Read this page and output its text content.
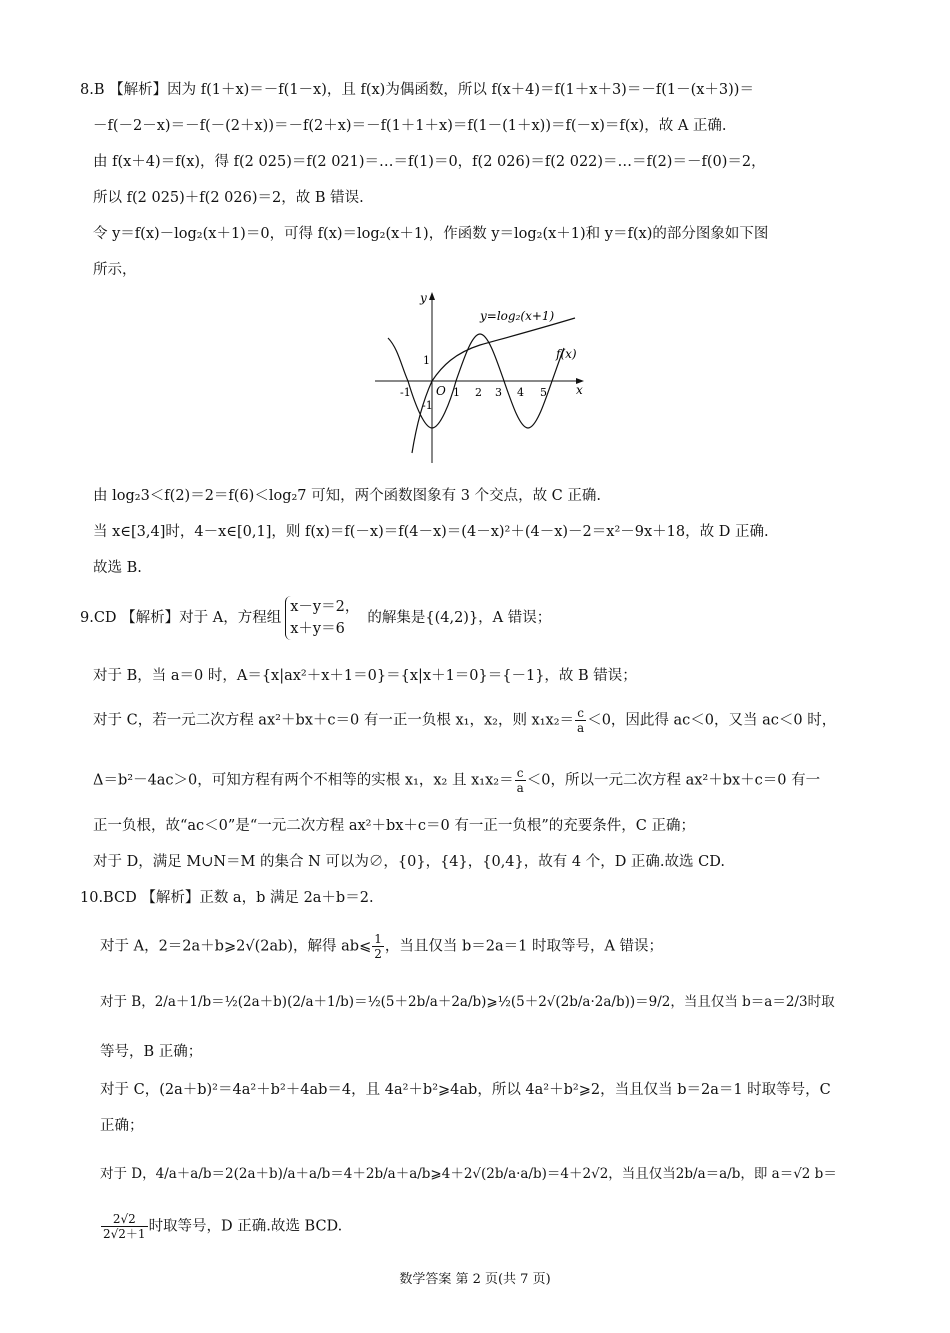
8.B 【解析】因为 f(1＋x)＝－f(1－x)，且 f(x)为偶函数，所以 f(x＋4)＝f(1＋x＋3)＝－f(1－(x＋3))＝
－f(－2－x)＝－f(－(2＋x))＝－f(2＋x)＝－f(1＋1＋x)＝f(1－(1＋x))＝f(－x)＝f(x)，故 A 正确.
由 f(x＋4)＝f(x)，得 f(2 025)＝f(2 021)＝…＝f(1)＝0，f(2 026)＝f(2 022)＝…＝f(2)＝－f(0)＝2，
所以 f(2 025)＋f(2 026)＝2，故 B 错误.
令 y＝f(x)－log₂(x＋1)＝0，可得 f(x)＝log₂(x＋1)，作函数 y＝log₂(x＋1)和 y＝f(x)的部分图象如下图
所示，
y
x
O
-1	1 2 3 4 5
1
-1
y=log₂(x+1)
f(x)
由 log₂3＜f(2)＝2＝f(6)＜log₂7 可知，两个函数图象有 3 个交点，故 C 正确.
当 x∈[3,4]时，4－x∈[0,1]，则 f(x)＝f(－x)＝f(4－x)＝(4－x)²＋(4－x)－2＝x²－9x＋18，故 D 正确.
故选 B.
9.CD 【解析】对于 A，方程组
x－y＝2，
x＋y＝6
的解集是{(4,2)}，A 错误；
对于 B，当 a＝0 时，A＝{x|ax²＋x＋1＝0}＝{x|x＋1＝0}＝{－1}，故 B 错误；
对于 C，若一元二次方程 ax²＋bx＋c＝0 有一正一负根 x₁，x₂，则 $x_1x_2= \frac{c}{a} <0$，因此得 ac＜0，又当 ac＜0 时，
Δ＝b²－4ac＞0，可知方程有两个不相等的实根 x₁，x₂ 且 $x_1x_2= \frac{c}{a} <0$，所以一元二次方程 ax²＋bx＋c＝0 有一
正一负根，故“ac＜0”是“一元二次方程 ax²＋bx＋c＝0 有一正一负根”的充要条件，C 正确；
对于 D，满足 M∪N＝M 的集合 N 可以为∅，{0}，{4}，{0,4}，故有 4 个，D 正确.故选 CD.
10.BCD 【解析】正数 a，b 满足 2a＋b＝2.
对于 A，2＝2a＋b⩾2√(2ab)，解得 ab⩽ $\frac{1}{2}$ ，当且仅当 b＝2a＝1 时取等号，A 错误；
对于 B，2/a＋1/b＝½(2a＋b)(2/a＋1/b)＝½(5＋2b/a＋2a/b)⩾½(5＋2√(2b/a·2a/b))＝9/2，当且仅当 b＝a＝2/3时取
等号，B 正确；
对于 C，(2a＋b)²＝4a²＋b²＋4ab＝4，且 4a²＋b²⩾4ab，所以 4a²＋b²⩾2，当且仅当 b＝2a＝1 时取等号，C
正确；
对于 D，4/a＋a/b＝2(2a＋b)/a＋a/b＝4＋2b/a＋a/b⩾4＋2√(2b/a·a/b)＝4＋2√2，当且仅当2b/a＝a/b，即 a＝√2 b＝
$\frac{2√2}{2√2+1}$ 时取等号，D 正确.故选 BCD.
数学答案 第 2 页(共 7 页)
